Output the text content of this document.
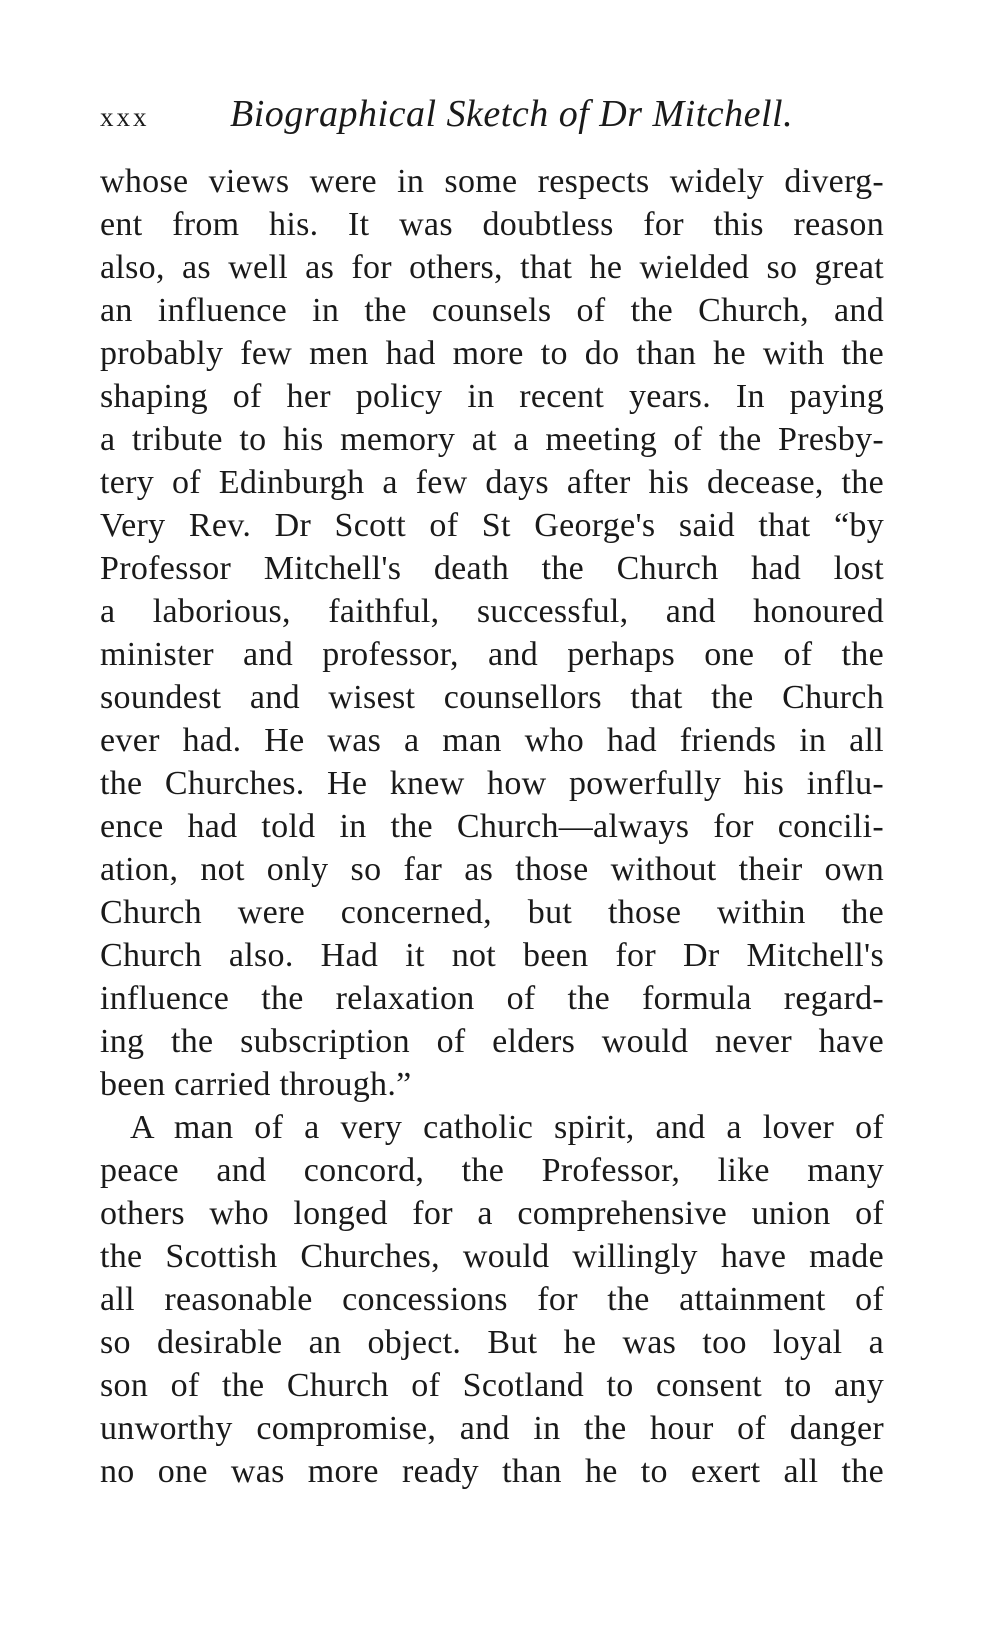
xxx Biographical Sketch of Dr Mitchell.
whose views were in some respects widely diverg-
ent from his. It was doubtless for this reason
also, as well as for others, that he wielded so great
an influence in the counsels of the Church, and
probably few men had more to do than he with the
shaping of her policy in recent years. In paying
a tribute to his memory at a meeting of the Presby-
tery of Edinburgh a few days after his decease, the
Very Rev. Dr Scott of St George's said that “by
Professor Mitchell's death the Church had lost
a laborious, faithful, successful, and honoured
minister and professor, and perhaps one of the
soundest and wisest counsellors that the Church
ever had. He was a man who had friends in all
the Churches. He knew how powerfully his influ-
ence had told in the Church—always for concili-
ation, not only so far as those without their own
Church were concerned, but those within the
Church also. Had it not been for Dr Mitchell's
influence the relaxation of the formula regard-
ing the subscription of elders would never have
been carried through.”
A man of a very catholic spirit, and a lover of
peace and concord, the Professor, like many
others who longed for a comprehensive union of
the Scottish Churches, would willingly have made
all reasonable concessions for the attainment of
so desirable an object. But he was too loyal a
son of the Church of Scotland to consent to any
unworthy compromise, and in the hour of danger
no one was more ready than he to exert all the
